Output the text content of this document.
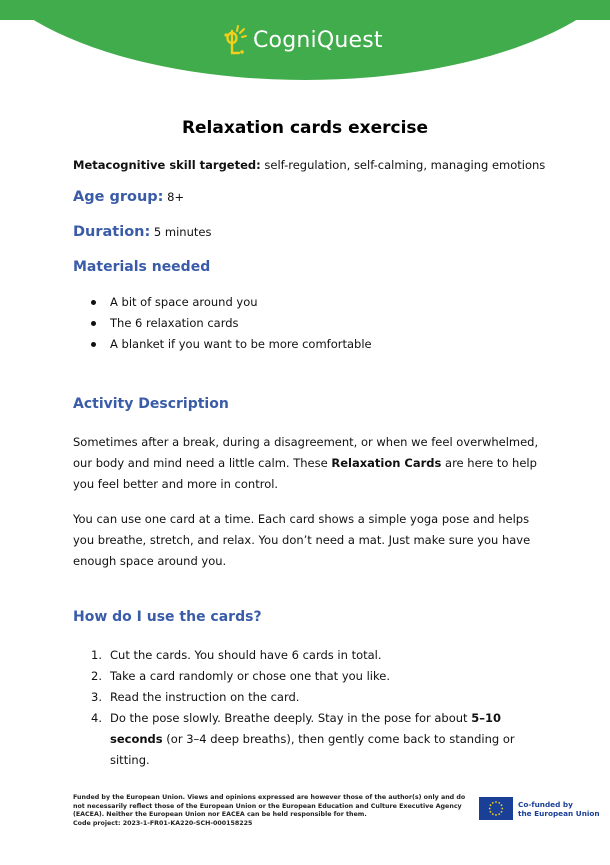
CogniQuest
Relaxation cards exercise
Metacognitive skill targeted: self-regulation, self-calming, managing emotions
Age group: 8+
Duration: 5 minutes
Materials needed
A bit of space around you
The 6 relaxation cards
A blanket if you want to be more comfortable
Activity Description
Sometimes after a break, during a disagreement, or when we feel overwhelmed, our body and mind need a little calm. These Relaxation Cards are here to help you feel better and more in control.
You can use one card at a time. Each card shows a simple yoga pose and helps you breathe, stretch, and relax. You don’t need a mat. Just make sure you have enough space around you.
How do I use the cards?
1. Cut the cards. You should have 6 cards in total.
2. Take a card randomly or chose one that you like.
3. Read the instruction on the card.
4. Do the pose slowly. Breathe deeply. Stay in the pose for about 5–10 seconds (or 3–4 deep breaths), then gently come back to standing or sitting.
Funded by the European Union. Views and opinions expressed are however those of the author(s) only and do not necessarily reflect those of the European Union or the European Education and Culture Executive Agency (EACEA). Neither the European Union nor EACEA can be held responsible for them.
Code project: 2023-1-FR01-KA220-SCH-000158225
Co-funded by
the European Union
